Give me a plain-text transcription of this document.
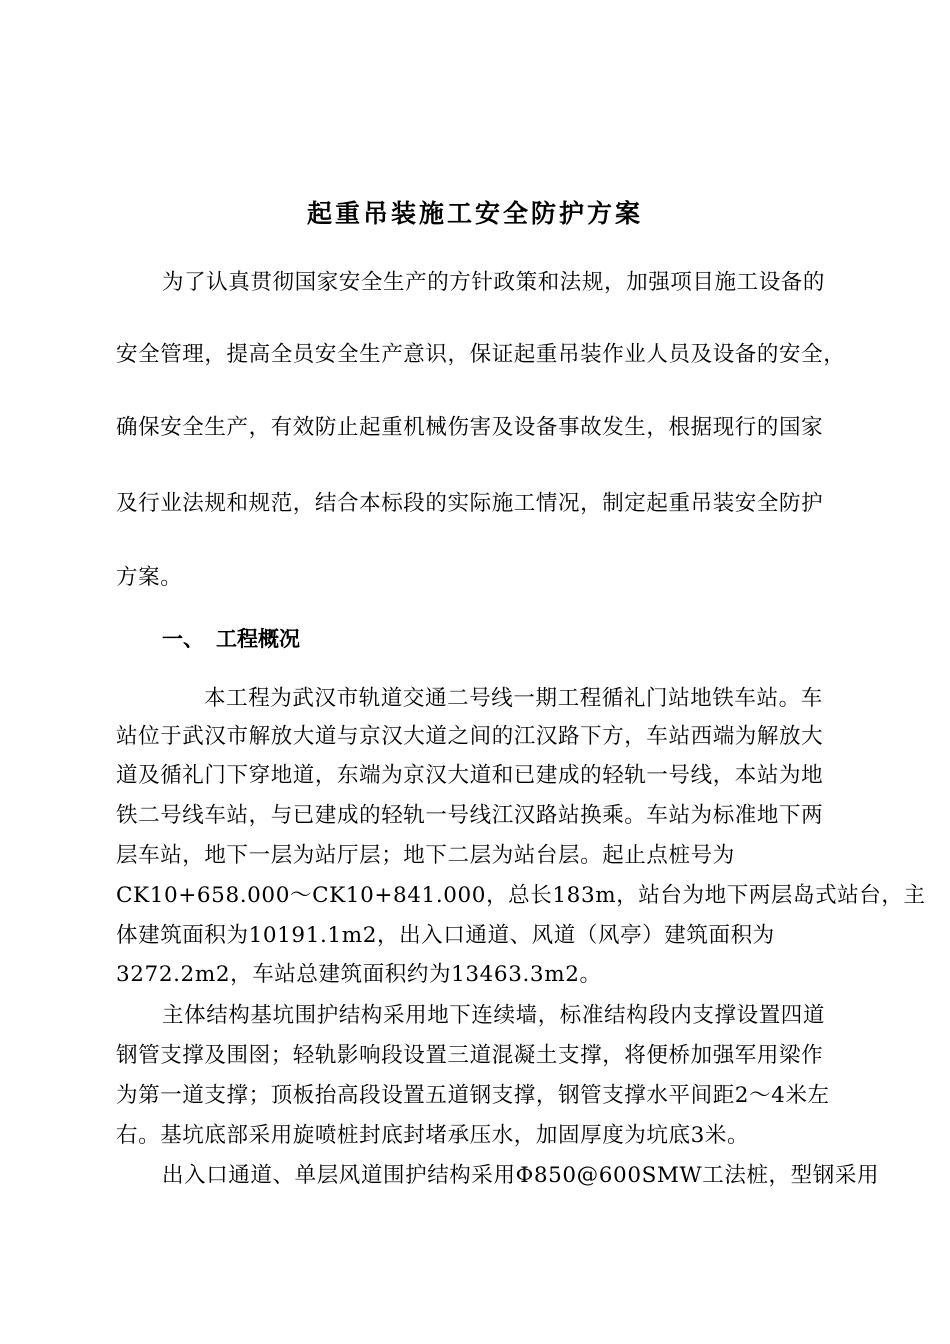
起重吊装施工安全防护方案
为了认真贯彻国家安全生产的方针政策和法规，加强项目施工设备的
安全管理，提高全员安全生产意识，保证起重吊装作业人员及设备的安全，
确保安全生产，有效防止起重机械伤害及设备事故发生，根据现行的国家
及行业法规和规范，结合本标段的实际施工情况，制定起重吊装安全防护
方案。
一、 工程概况
本工程为武汉市轨道交通二号线一期工程循礼门站地铁车站。车
站位于武汉市解放大道与京汉大道之间的江汉路下方，车站西端为解放大
道及循礼门下穿地道，东端为京汉大道和已建成的轻轨一号线，本站为地
铁二号线车站，与已建成的轻轨一号线江汉路站换乘。车站为标准地下两
层车站，地下一层为站厅层；地下二层为站台层。起止点桩号为
CK10+658.000～CK10+841.000，总长183m，站台为地下两层岛式站台，主
体建筑面积为10191.1m2，出入口通道、风道（风亭）建筑面积为
3272.2m2，车站总建筑面积约为13463.3m2。
主体结构基坑围护结构采用地下连续墙，标准结构段内支撑设置四道
钢管支撑及围囹；轻轨影响段设置三道混凝土支撑，将便桥加强军用梁作
为第一道支撑；顶板抬高段设置五道钢支撑，钢管支撑水平间距2～4米左
右。基坑底部采用旋喷桩封底封堵承压水，加固厚度为坑底3米。
出入口通道、单层风道围护结构采用Φ850@600SMW工法桩，型钢采用
